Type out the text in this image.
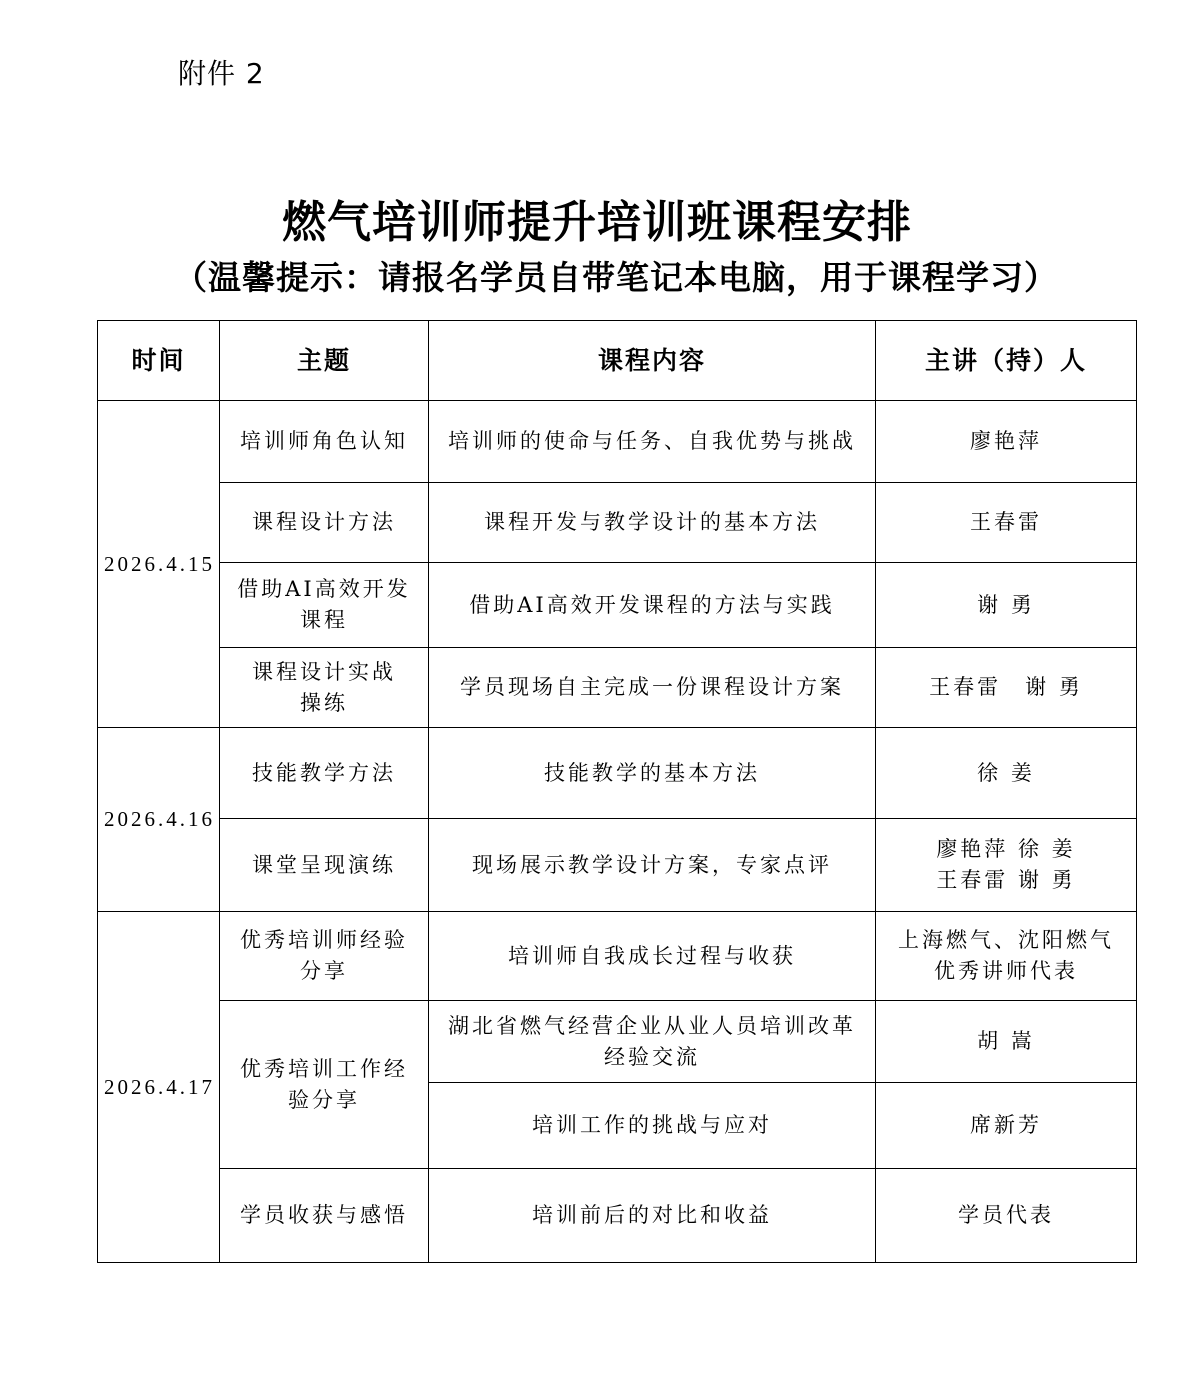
附件 2
燃气培训师提升培训班课程安排
（温馨提示：请报名学员自带笔记本电脑，用于课程学习）
时间	主题	课程内容	主讲（持）人
2026.4.15	培训师角色认知	培训师的使命与任务、自我优势与挑战	廖艳萍
	课程设计方法	课程开发与教学设计的基本方法	王春雷
	借助AI高效开发课程	借助AI高效开发课程的方法与实践	谢 勇
	课程设计实战操练	学员现场自主完成一份课程设计方案	王春雷　谢 勇
2026.4.16	技能教学方法	技能教学的基本方法	徐 姜
	课堂呈现演练	现场展示教学设计方案，专家点评	廖艳萍 徐 姜 王春雷 谢 勇
2026.4.17	优秀培训师经验分享	培训师自我成长过程与收获	上海燃气、沈阳燃气优秀讲师代表
	优秀培训工作经验分享	湖北省燃气经营企业从业人员培训改革经验交流	胡 嵩
		培训工作的挑战与应对	席新芳
	学员收获与感悟	培训前后的对比和收益	学员代表
